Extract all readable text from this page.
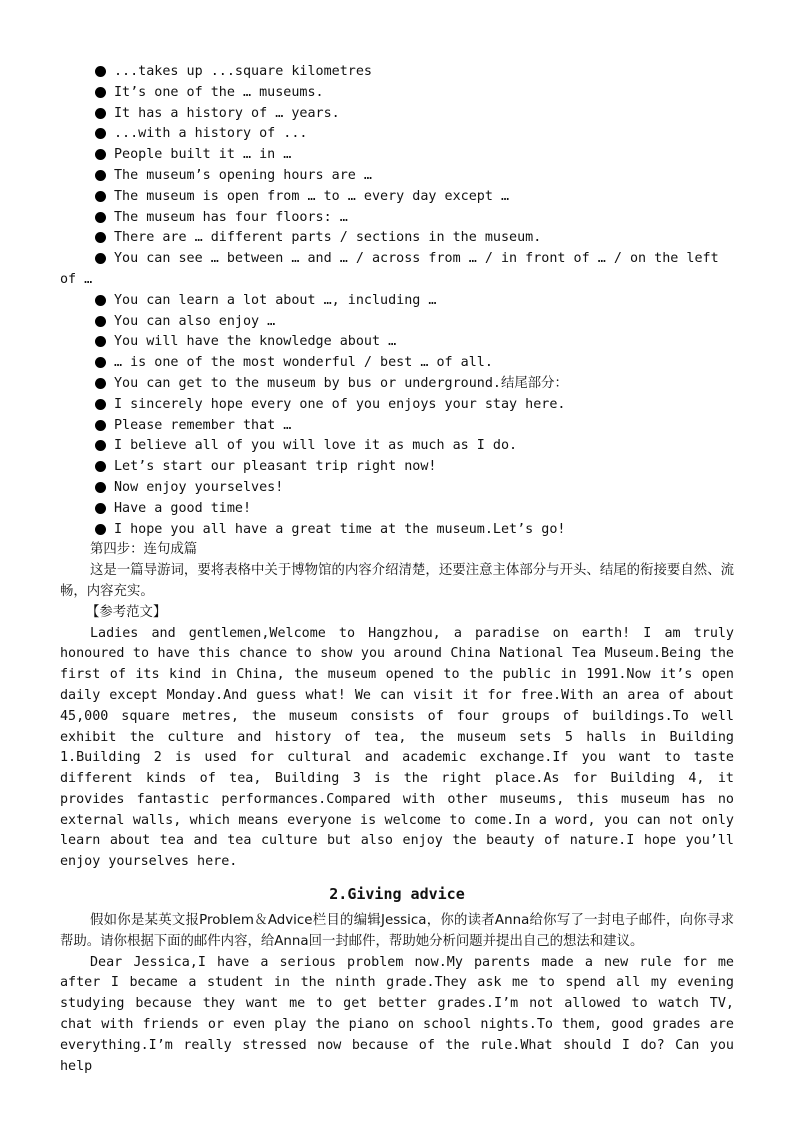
...takes up ...square kilometres
It’s one of the … museums.
It has a history of … years.
...with a history of ...
People built it … in …
The museum’s opening hours are …
The museum is open from … to … every day except …
The museum has four floors: …
There are … different parts / sections in the museum.
You can see … between … and … / across from … / in front of … / on the left of …
You can learn a lot about …, including …
You can also enjoy …
You will have the knowledge about …
… is one of the most wonderful / best … of all.
You can get to the museum by bus or underground.结尾部分：
I sincerely hope every one of you enjoys your stay here.
Please remember that …
I believe all of you will love it as much as I do.
Let’s start our pleasant trip right now!
Now enjoy yourselves!
Have a good time!
I hope you all have a great time at the museum.Let’s go!
第四步：连句成篇

这是一篇导游词，要将表格中关于博物馆的内容介绍清楚，还要注意主体部分与开头、结尾的衔接要自然、流畅，内容充实。

【参考范文】

Ladies and gentlemen,Welcome to Hangzhou, a paradise on earth! I am truly honoured to have this chance to show you around China National Tea Museum.Being the first of its kind in China, the museum opened to the public in 1991.Now it’s open daily except Monday.And guess what! We can visit it for free.With an area of about 45,000 square metres, the museum consists of four groups of buildings.To well exhibit the culture and history of tea, the museum sets 5 halls in Building 1.Building 2 is used for cultural and academic exchange.If you want to taste different kinds of tea, Building 3 is the right place.As for Building 4, it provides fantastic performances.Compared with other museums, this museum has no external walls, which means everyone is welcome to come.In a word, you can not only learn about tea and tea culture but also enjoy the beauty of nature.I hope you’ll enjoy yourselves here.

2.Giving advice

假如你是某英文报Problem＆Advice栏目的编辑Jessica，你的读者Anna给你写了一封电子邮件，向你寻求帮助。请你根据下面的邮件内容，给Anna回一封邮件，帮助她分析问题并提出自己的想法和建议。

Dear Jessica,I have a serious problem now.My parents made a new rule for me after I became a student in the ninth grade.They ask me to spend all my evening studying because they want me to get better grades.I’m not allowed to watch TV, chat with friends or even play the piano on school nights.To them, good grades are everything.I’m really stressed now because of the rule.What should I do? Can you help
